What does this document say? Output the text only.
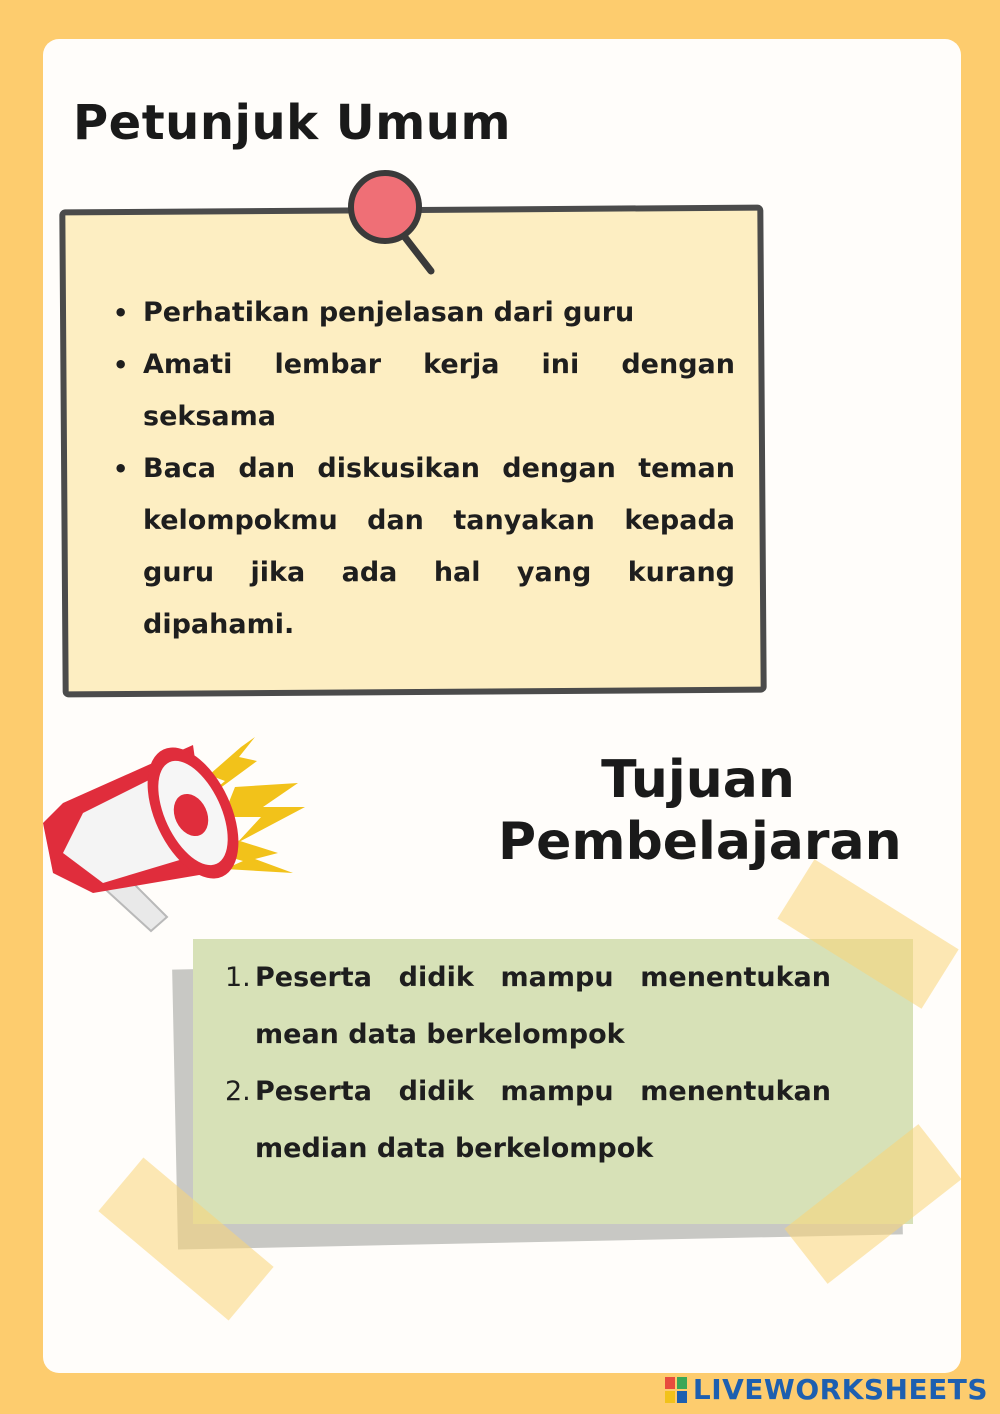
Petunjuk Umum
• Perhatikan penjelasan dari guru
• Amati lembar kerja ini dengan seksama
• Baca dan diskusikan dengan teman kelompokmu dan tanyakan kepada guru jika ada hal yang kurang dipahami.
Tujuan
Pembelajaran
1. Peserta didik mampu menentukan mean data berkelompok
2. Peserta didik mampu menentukan median data berkelompok
LIVEWORKSHEETS
